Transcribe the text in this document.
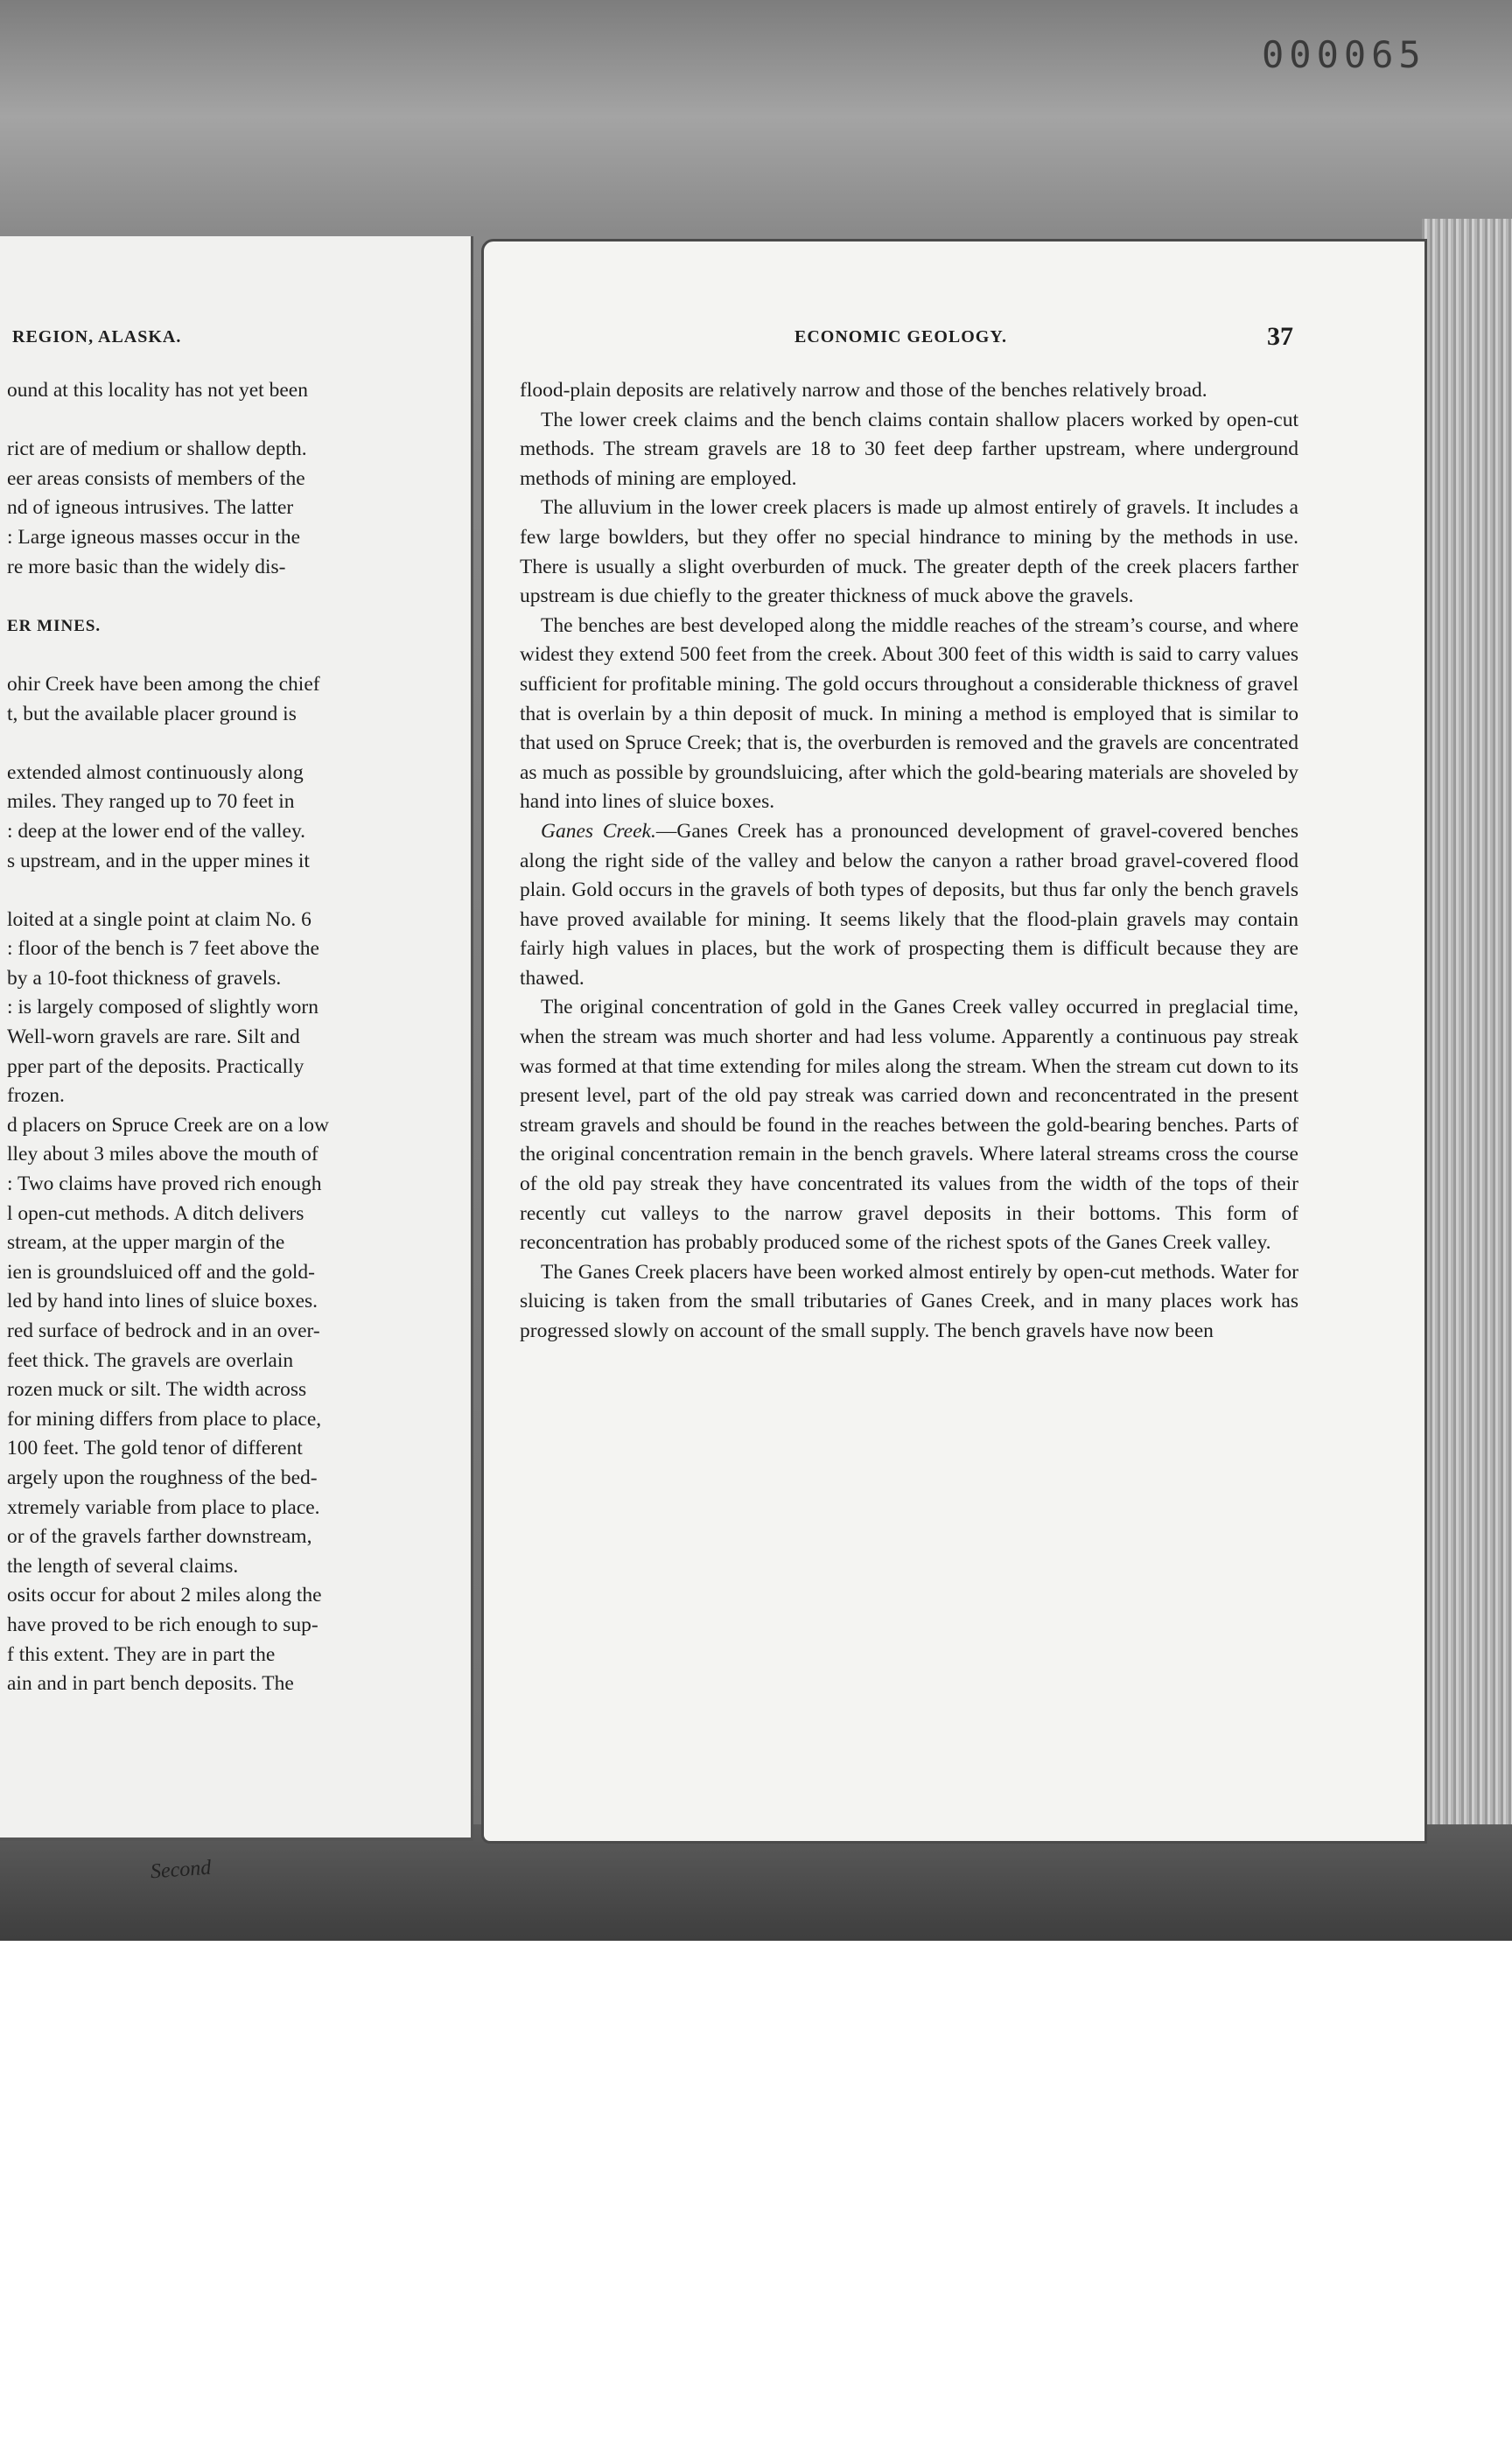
000065
REGION, ALASKA.	ECONOMIC GEOLOGY.	37
ound at this locality has not yet been
rict are of medium or shallow depth.
eer areas consists of members of the
nd of igneous intrusives. The latter
: Large igneous masses occur in the
re more basic than the widely dis-
ER MINES.
ohir Creek have been among the chief
t, but the available placer ground is
extended almost continuously along
miles. They ranged up to 70 feet in
: deep at the lower end of the valley.
s upstream, and in the upper mines it
loited at a single point at claim No. 6
: floor of the bench is 7 feet above the
by a 10-foot thickness of gravels.
: is largely composed of slightly worn
Well-worn gravels are rare. Silt and
pper part of the deposits. Practically
frozen.
d placers on Spruce Creek are on a low
lley about 3 miles above the mouth of
: Two claims have proved rich enough
l open-cut methods. A ditch delivers
stream, at the upper margin of the
ien is groundsluiced off and the gold-
led by hand into lines of sluice boxes.
red surface of bedrock and in an over-
feet thick. The gravels are overlain
rozen muck or silt. The width across
for mining differs from place to place,
100 feet. The gold tenor of different
argely upon the roughness of the bed-
xtremely variable from place to place.
or of the gravels farther downstream,
the length of several claims.
osits occur for about 2 miles along the
have proved to be rich enough to sup-
f this extent. They are in part the
ain and in part bench deposits. The
flood-plain deposits are relatively narrow and those of the benches relatively broad.
The lower creek claims and the bench claims contain shallow placers worked by open-cut methods. The stream gravels are 18 to 30 feet deep farther upstream, where underground methods of mining are employed.
The alluvium in the lower creek placers is made up almost entirely of gravels. It includes a few large bowlders, but they offer no special hindrance to mining by the methods in use. There is usually a slight overburden of muck. The greater depth of the creek placers farther upstream is due chiefly to the greater thickness of muck above the gravels.
The benches are best developed along the middle reaches of the stream’s course, and where widest they extend 500 feet from the creek. About 300 feet of this width is said to carry values sufficient for profitable mining. The gold occurs throughout a considerable thickness of gravel that is overlain by a thin deposit of muck. In mining a method is employed that is similar to that used on Spruce Creek; that is, the overburden is removed and the gravels are concentrated as much as possible by groundsluicing, after which the gold-bearing materials are shoveled by hand into lines of sluice boxes.
Ganes Creek.—Ganes Creek has a pronounced development of gravel-covered benches along the right side of the valley and below the canyon a rather broad gravel-covered flood plain. Gold occurs in the gravels of both types of deposits, but thus far only the bench gravels have proved available for mining. It seems likely that the flood-plain gravels may contain fairly high values in places, but the work of prospecting them is difficult because they are thawed.
The original concentration of gold in the Ganes Creek valley occurred in preglacial time, when the stream was much shorter and had less volume. Apparently a continuous pay streak was formed at that time extending for miles along the stream. When the stream cut down to its present level, part of the old pay streak was carried down and reconcentrated in the present stream gravels and should be found in the reaches between the gold-bearing benches. Parts of the original concentration remain in the bench gravels. Where lateral streams cross the course of the old pay streak they have concentrated its values from the width of the tops of their recently cut valleys to the narrow gravel deposits in their bottoms. This form of reconcentration has probably produced some of the richest spots of the Ganes Creek valley.
The Ganes Creek placers have been worked almost entirely by open-cut methods. Water for sluicing is taken from the small tributaries of Ganes Creek, and in many places work has progressed slowly on account of the small supply. The bench gravels have now been
Second
